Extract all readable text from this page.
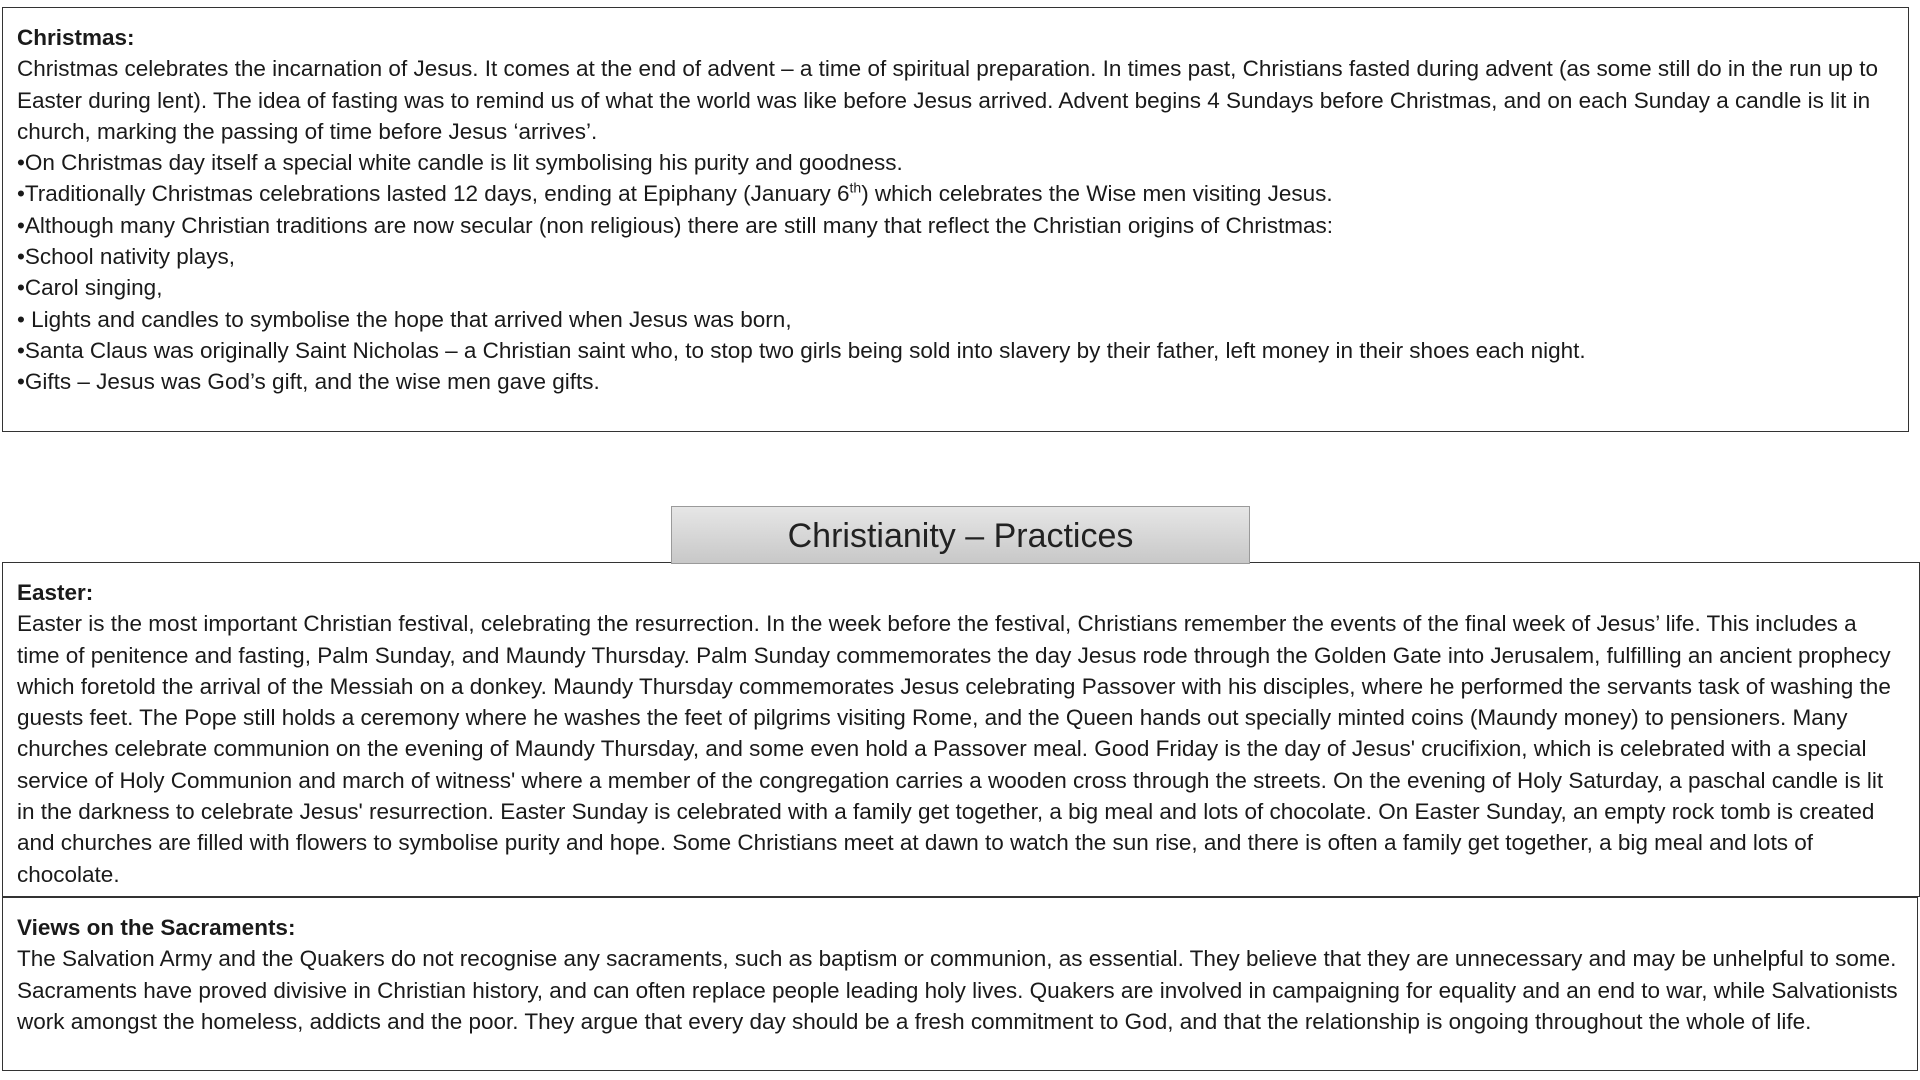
Christmas:

Christmas celebrates the incarnation of Jesus. It comes at the end of advent – a time of spiritual preparation. In times past, Christians fasted during advent (as some still do in the run up to Easter during lent). The idea of fasting was to remind us of what the world was like before Jesus arrived. Advent begins 4 Sundays before Christmas, and on each Sunday a candle is lit in church, marking the passing of time before Jesus ‘arrives’.

•On Christmas day itself a special white candle is lit symbolising his purity and goodness.

•Traditionally Christmas celebrations lasted 12 days, ending at Epiphany (January 6th) which celebrates the Wise men visiting Jesus.

•Although many Christian traditions are now secular (non religious) there are still many that reflect the Christian origins of Christmas:

•School nativity plays,

•Carol singing,

• Lights and candles to symbolise the hope that arrived when Jesus was born,

•Santa Claus was originally Saint Nicholas – a Christian saint who, to stop two girls being sold into slavery by their father, left money in their shoes each night.

•Gifts – Jesus was God’s gift, and the wise men gave gifts.

Christianity – Practices

Easter:

Easter is the most important Christian festival, celebrating the resurrection. In the week before the festival, Christians remember the events of the final week of Jesus’ life. This includes a time of penitence and fasting, Palm Sunday, and Maundy Thursday. Palm Sunday commemorates the day Jesus rode through the Golden Gate into Jerusalem, fulfilling an ancient prophecy which foretold the arrival of the Messiah on a donkey. Maundy Thursday commemorates Jesus celebrating Passover with his disciples, where he performed the servants task of washing the guests feet. The Pope still holds a ceremony where he washes the feet of pilgrims visiting Rome, and the Queen hands out specially minted coins (Maundy money) to pensioners. Many churches celebrate communion on the evening of Maundy Thursday, and some even hold a Passover meal. Good Friday is the day of Jesus' crucifixion, which is celebrated with a special service of Holy Communion and march of witness' where a member of the congregation carries a wooden cross through the streets. On the evening of Holy Saturday, a paschal candle is lit in the darkness to celebrate Jesus' resurrection. Easter Sunday is celebrated with a family get together, a big meal and lots of chocolate. On Easter Sunday, an empty rock tomb is created and churches are filled with flowers to symbolise purity and hope. Some Christians meet at dawn to watch the sun rise, and there is often a family get together, a big meal and lots of chocolate.

Views on the Sacraments:

The Salvation Army and the Quakers do not recognise any sacraments, such as baptism or communion, as essential. They believe that they are unnecessary and may be unhelpful to some. Sacraments have proved divisive in Christian history, and can often replace people leading holy lives. Quakers are involved in campaigning for equality and an end to war, while Salvationists work amongst the homeless, addicts and the poor. They argue that every day should be a fresh commitment to God, and that the relationship is ongoing throughout the whole of life.
